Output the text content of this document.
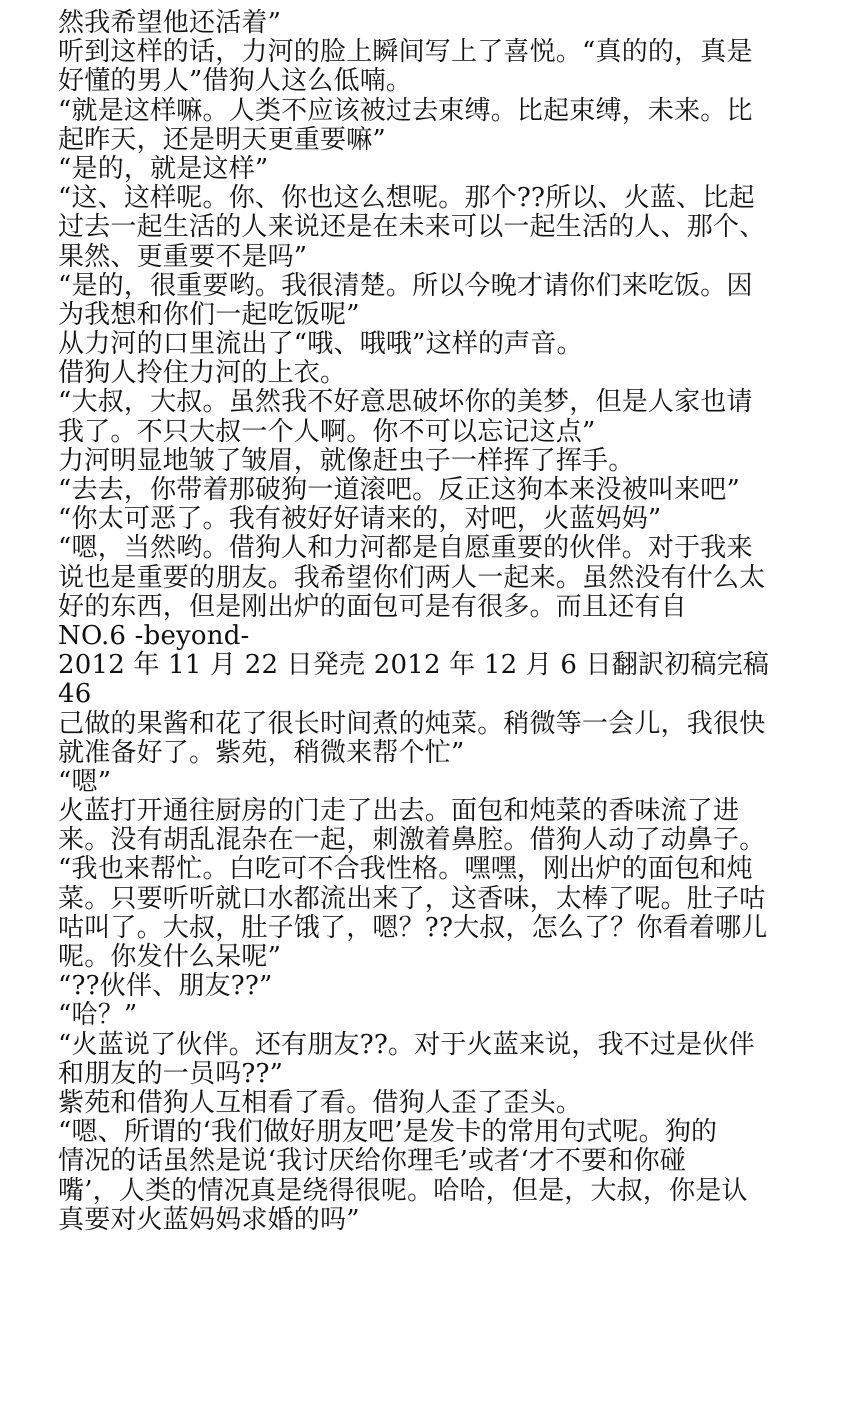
然我希望他还活着”
听到这样的话，力河的脸上瞬间写上了喜悦。“真的的，真是
好懂的男人”借狗人这么低喃。
“就是这样嘛。人类不应该被过去束缚。比起束缚，未来。比
起昨天，还是明天更重要嘛”
“是的，就是这样”
“这、这样呢。你、你也这么想呢。那个??所以、火蓝、比起
过去一起生活的人来说还是在未来可以一起生活的人、那个、
果然、更重要不是吗”
“是的，很重要哟。我很清楚。所以今晚才请你们来吃饭。因
为我想和你们一起吃饭呢”
从力河的口里流出了“哦、哦哦”这样的声音。
借狗人拎住力河的上衣。
“大叔，大叔。虽然我不好意思破坏你的美梦，但是人家也请
我了。不只大叔一个人啊。你不可以忘记这点”
力河明显地皱了皱眉，就像赶虫子一样挥了挥手。
“去去，你带着那破狗一道滚吧。反正这狗本来没被叫来吧”
“你太可恶了。我有被好好请来的，对吧，火蓝妈妈”
“嗯，当然哟。借狗人和力河都是自愿重要的伙伴。对于我来
说也是重要的朋友。我希望你们两人一起来。虽然没有什么太
好的东西，但是刚出炉的面包可是有很多。而且还有自
NO.6 -beyond-
2012 年 11 月 22 日発売 2012 年 12 月 6 日翻訳初稿完稿
46
己做的果酱和花了很长时间煮的炖菜。稍微等一会儿，我很快
就准备好了。紫苑，稍微来帮个忙”
“嗯”
火蓝打开通往厨房的门走了出去。面包和炖菜的香味流了进
来。没有胡乱混杂在一起，刺激着鼻腔。借狗人动了动鼻子。
“我也来帮忙。白吃可不合我性格。嘿嘿，刚出炉的面包和炖
菜。只要听听就口水都流出来了，这香味，太棒了呢。肚子咕
咕叫了。大叔，肚子饿了，嗯？??大叔，怎么了？你看着哪儿
呢。你发什么呆呢”
“??伙伴、朋友??”
“哈？”
“火蓝说了伙伴。还有朋友??。对于火蓝来说，我不过是伙伴
和朋友的一员吗??”
紫苑和借狗人互相看了看。借狗人歪了歪头。
“嗯、所谓的‘我们做好朋友吧’是发卡的常用句式呢。狗的
情况的话虽然是说‘我讨厌给你理毛’或者‘才不要和你碰
嘴’，人类的情况真是绕得很呢。哈哈，但是，大叔，你是认
真要对火蓝妈妈求婚的吗”
